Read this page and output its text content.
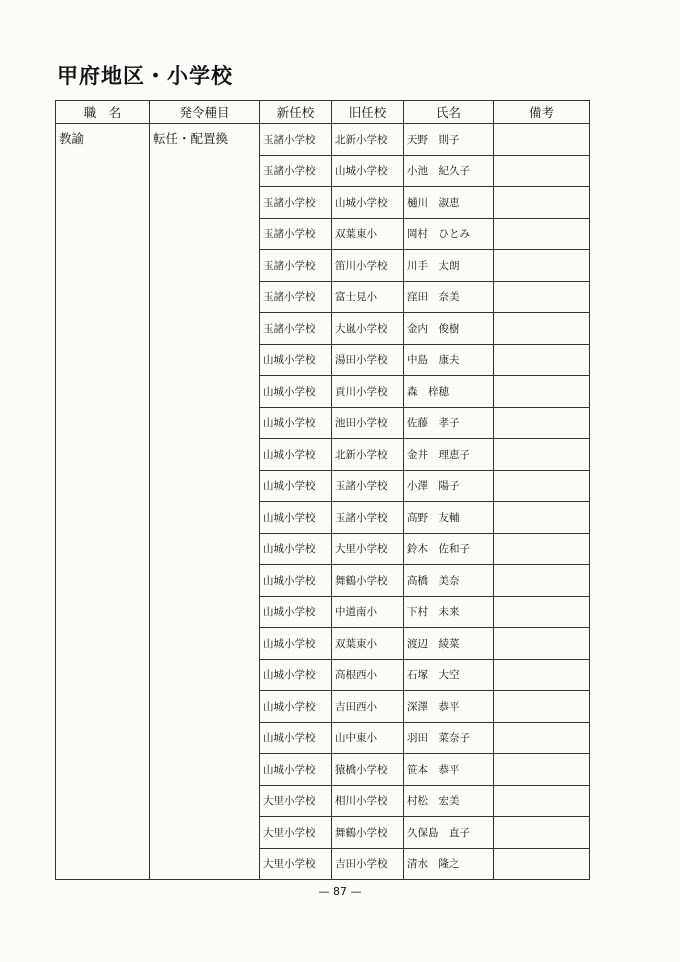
甲府地区・小学校
職　名	発令種目	新任校	旧任校	氏名	備考
教諭	転任・配置換	玉諸小学校	北新小学校	天野　則子	
		玉諸小学校	山城小学校	小池　紀久子	
		玉諸小学校	山城小学校	樋川　淑恵	
		玉諸小学校	双葉東小	岡村　ひとみ	
		玉諸小学校	笛川小学校	川手　太朗	
		玉諸小学校	富士見小	窪田　奈美	
		玉諸小学校	大嵐小学校	金内　俊樹	
		山城小学校	湯田小学校	中島　康夫	
		山城小学校	貢川小学校	森　梓穂	
		山城小学校	池田小学校	佐藤　孝子	
		山城小学校	北新小学校	金井　理恵子	
		山城小学校	玉諸小学校	小澤　陽子	
		山城小学校	玉諸小学校	高野　友輔	
		山城小学校	大里小学校	鈴木　佐和子	
		山城小学校	舞鶴小学校	高橋　美奈	
		山城小学校	中道南小	下村　未来	
		山城小学校	双葉東小	渡辺　綾菜	
		山城小学校	高根西小	石塚　大空	
		山城小学校	吉田西小	深澤　恭平	
		山城小学校	山中東小	羽田　菜奈子	
		山城小学校	猿橋小学校	笹本　恭平	
		大里小学校	相川小学校	村松　宏美	
		大里小学校	舞鶴小学校	久保島　直子	
		大里小学校	吉田小学校	清水　隆之	
— 87 —
